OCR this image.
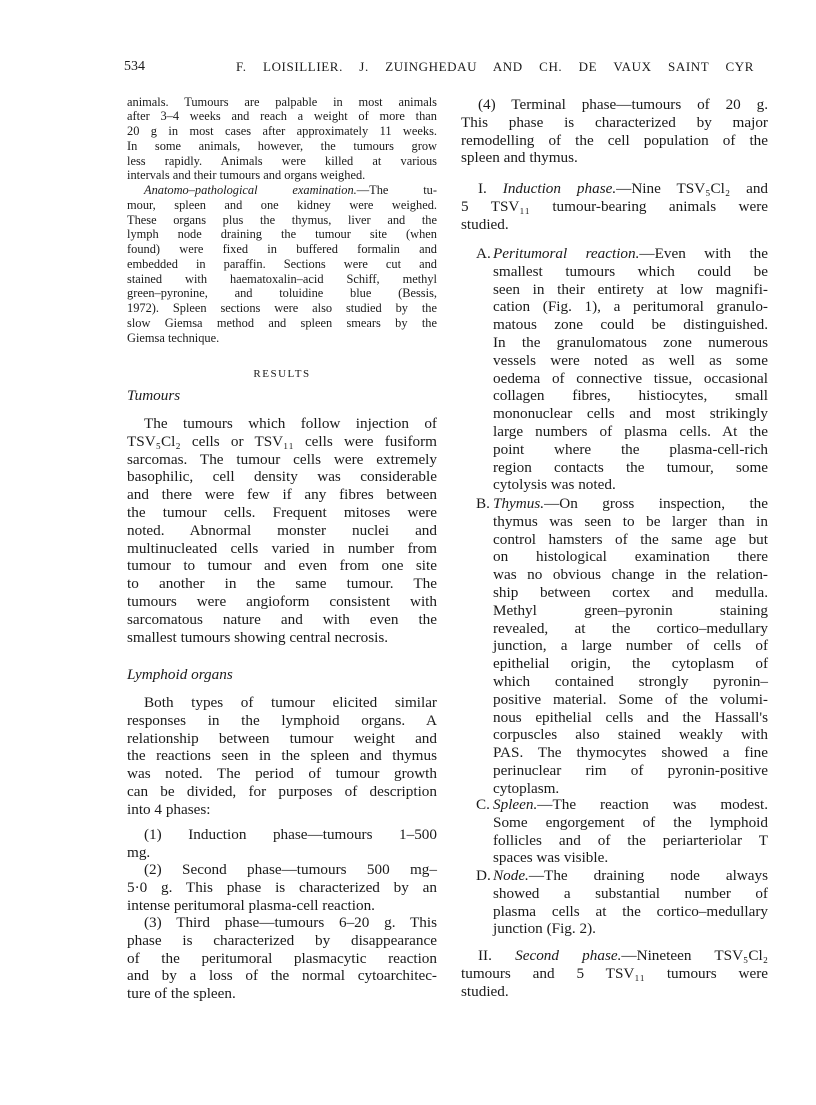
534	F. LOISILLIER. J. ZUINGHEDAU AND CH. DE VAUX SAINT CYR
animals. Tumours are palpable in most animals
after 3–4 weeks and reach a weight of more than
20 g in most cases after approximately 11 weeks.
In some animals, however, the tumours grow
less rapidly. Animals were killed at various
intervals and their tumours and organs weighed.
Anatomo–pathological examination.—The tu-
mour, spleen and one kidney were weighed.
These organs plus the thymus, liver and the
lymph node draining the tumour site (when
found) were fixed in buffered formalin and
embedded in paraffin. Sections were cut and
stained with haematoxalin–acid Schiff, methyl
green–pyronine, and toluidine blue (Bessis,
1972). Spleen sections were also studied by the
slow Giemsa method and spleen smears by the
Giemsa technique.
RESULTS
Tumours
The tumours which follow injection of
TSV₅Cl₂ cells or TSV₁₁ cells were fusiform
sarcomas. The tumour cells were extremely
basophilic, cell density was considerable
and there were few if any fibres between
the tumour cells. Frequent mitoses were
noted. Abnormal monster nuclei and
multinucleated cells varied in number from
tumour to tumour and even from one site
to another in the same tumour. The
tumours were angioform consistent with
sarcomatous nature and with even the
smallest tumours showing central necrosis.
Lymphoid organs
Both types of tumour elicited similar
responses in the lymphoid organs. A
relationship between tumour weight and
the reactions seen in the spleen and thymus
was noted. The period of tumour growth
can be divided, for purposes of description
into 4 phases:
(1) Induction phase—tumours 1–500
mg.
(2) Second phase—tumours 500 mg–
5·0 g. This phase is characterized by an
intense peritumoral plasma-cell reaction.
(3) Third phase—tumours 6–20 g. This
phase is characterized by disappearance
of the peritumoral plasmacytic reaction
and by a loss of the normal cytoarchitec-
ture of the spleen.
(4) Terminal phase—tumours of 20 g.
This phase is characterized by major
remodelling of the cell population of the
spleen and thymus.
I. Induction phase.—Nine TSV₅Cl₂ and
5 TSV₁₁ tumour-bearing animals were
studied.
A. Peritumoral reaction.—Even with the
smallest tumours which could be
seen in their entirety at low magnifi-
cation (Fig. 1), a peritumoral granulo-
matous zone could be distinguished.
In the granulomatous zone numerous
vessels were noted as well as some
oedema of connective tissue, occasional
collagen fibres, histiocytes, small
mononuclear cells and most strikingly
large numbers of plasma cells. At the
point where the plasma-cell-rich
region contacts the tumour, some
cytolysis was noted.
B. Thymus.—On gross inspection, the
thymus was seen to be larger than in
control hamsters of the same age but
on histological examination there
was no obvious change in the relation-
ship between cortex and medulla.
Methyl green–pyronin staining
revealed, at the cortico–medullary
junction, a large number of cells of
epithelial origin, the cytoplasm of
which contained strongly pyronin–
positive material. Some of the volumi-
nous epithelial cells and the Hassall's
corpuscles also stained weakly with
PAS. The thymocytes showed a fine
perinuclear rim of pyronin-positive
cytoplasm.
C. Spleen.—The reaction was modest.
Some engorgement of the lymphoid
follicles and of the periarteriolar T
spaces was visible.
D. Node.—The draining node always
showed a substantial number of
plasma cells at the cortico–medullary
junction (Fig. 2).
II. Second phase.—Nineteen TSV₅Cl₂
tumours and 5 TSV₁₁ tumours were
studied.
